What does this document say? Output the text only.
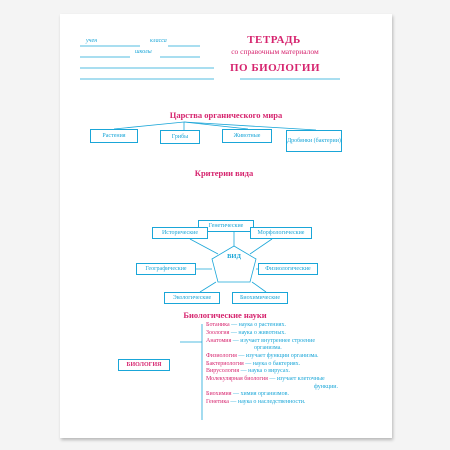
учен	класса
школы
ТЕТРАДЬ
со справочным материалом
ПО БИОЛОГИИ
Царства органического мира
Растения	Грибы	Животные
Дробянки (бактерии)
Критерии вида
Генетические
Исторические	Морфологические
Географические	Физиологические
Экологические	Биохимические
ВИД
Биологические науки
БИОЛОГИЯ
Ботаника — наука о растениях.
Зоология — наука о животных.
Анатомия — изучает внутреннее строение
организма.
Физиология — изучает функции организма.
Бактериология — наука о бактериях.
Вирусология — наука о вирусах.
Молекулярная биология — изучает клеточные
функции.
Биохимия — химия организмов.
Генетика — наука о наследственности.
